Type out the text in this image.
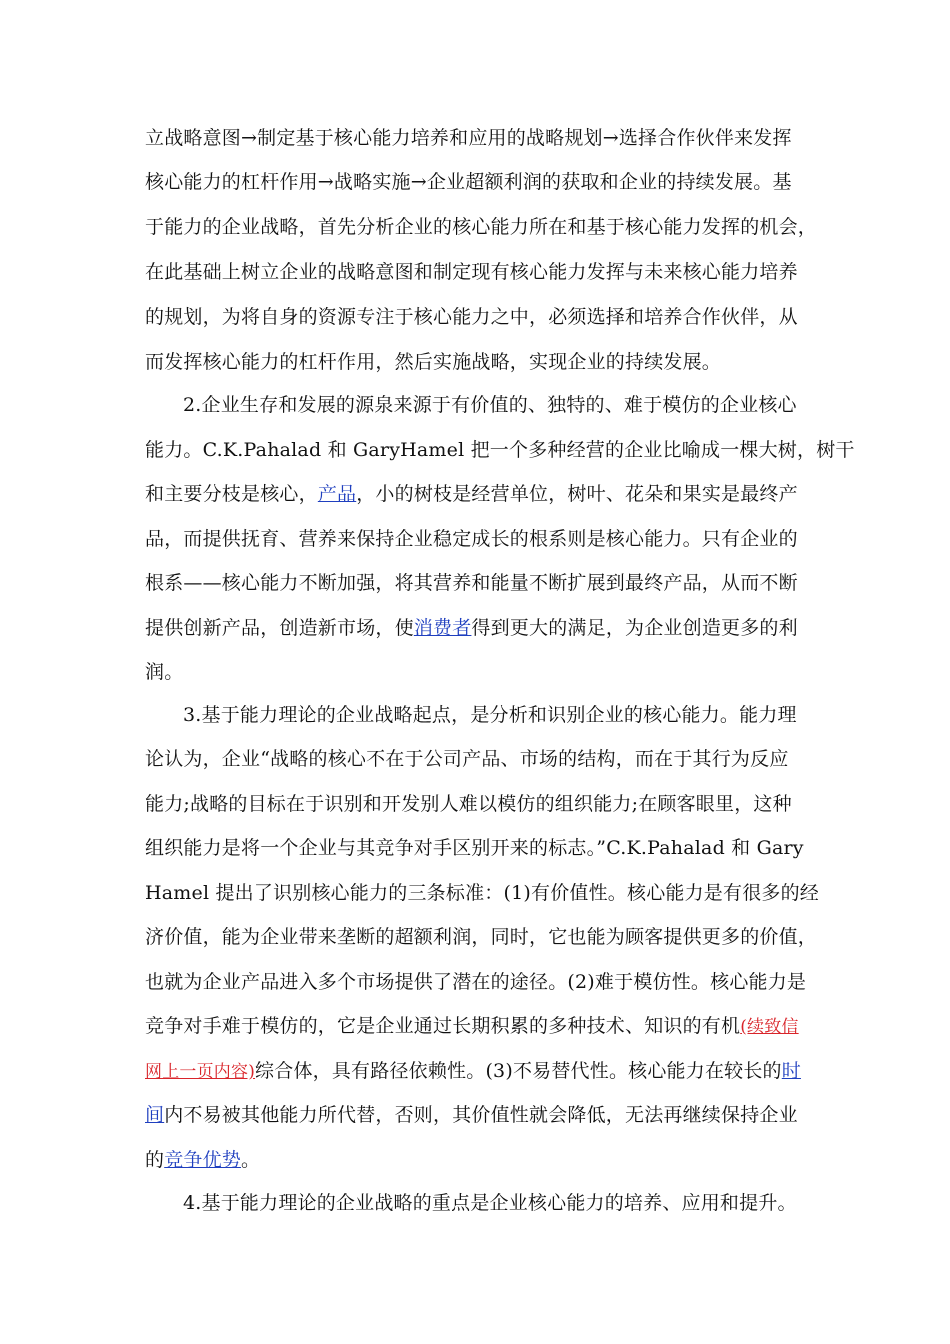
立战略意图→制定基于核心能力培养和应用的战略规划→选择合作伙伴来发挥
核心能力的杠杆作用→战略实施→企业超额利润的获取和企业的持续发展。基
于能力的企业战略，首先分析企业的核心能力所在和基于核心能力发挥的机会，
在此基础上树立企业的战略意图和制定现有核心能力发挥与未来核心能力培养
的规划，为将自身的资源专注于核心能力之中，必须选择和培养合作伙伴，从
而发挥核心能力的杠杆作用，然后实施战略，实现企业的持续发展。
2.企业生存和发展的源泉来源于有价值的、独特的、难于模仿的企业核心
能力。C.K.Pahalad 和 GaryHamel 把一个多种经营的企业比喻成一棵大树，树干
和主要分枝是核心，产品，小的树枝是经营单位，树叶、花朵和果实是最终产
品，而提供抚育、营养来保持企业稳定成长的根系则是核心能力。只有企业的
根系——核心能力不断加强，将其营养和能量不断扩展到最终产品，从而不断
提供创新产品，创造新市场，使消费者得到更大的满足，为企业创造更多的利
润。
3.基于能力理论的企业战略起点，是分析和识别企业的核心能力。能力理
论认为，企业“战略的核心不在于公司产品、市场的结构，而在于其行为反应
能力;战略的目标在于识别和开发别人难以模仿的组织能力;在顾客眼里，这种
组织能力是将一个企业与其竞争对手区别开来的标志。”C.K.Pahalad 和 Gary
Hamel 提出了识别核心能力的三条标准：(1)有价值性。核心能力是有很多的经
济价值，能为企业带来垄断的超额利润，同时，它也能为顾客提供更多的价值，
也就为企业产品进入多个市场提供了潜在的途径。(2)难于模仿性。核心能力是
竞争对手难于模仿的，它是企业通过长期积累的多种技术、知识的有机(续致信
网上一页内容)综合体，具有路径依赖性。(3)不易替代性。核心能力在较长的时
间内不易被其他能力所代替，否则，其价值性就会降低，无法再继续保持企业
的竞争优势。
4.基于能力理论的企业战略的重点是企业核心能力的培养、应用和提升。
